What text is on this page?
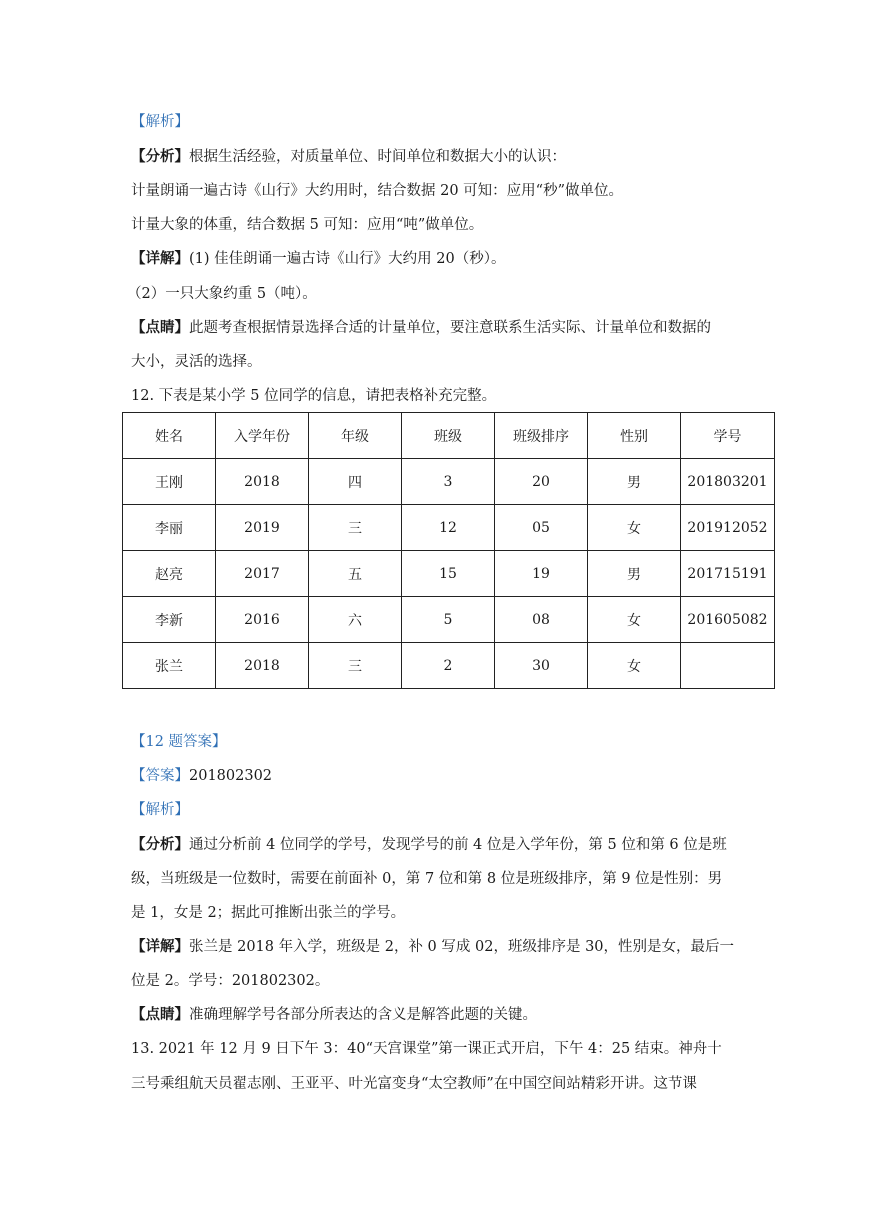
【解析】
【分析】根据生活经验，对质量单位、时间单位和数据大小的认识：
计量朗诵一遍古诗《山行》大约用时，结合数据 20 可知：应用“秒”做单位。
计量大象的体重，结合数据 5 可知：应用“吨”做单位。
【详解】(1) 佳佳朗诵一遍古诗《山行》大约用 20（秒）。
（2）一只大象约重 5（吨）。
【点睛】此题考查根据情景选择合适的计量单位，要注意联系生活实际、计量单位和数据的
大小，灵活的选择。
12. 下表是某小学 5 位同学的信息，请把表格补充完整。
姓名	入学年份	年级	班级	班级排序	性别	学号
王刚	2018	四	3	20	男	201803201
李丽	2019	三	12	05	女	201912052
赵亮	2017	五	15	19	男	201715191
李新	2016	六	5	08	女	201605082
张兰	2018	三	2	30	女	
【12 题答案】
【答案】201802302
【解析】
【分析】通过分析前 4 位同学的学号，发现学号的前 4 位是入学年份，第 5 位和第 6 位是班
级，当班级是一位数时，需要在前面补 0，第 7 位和第 8 位是班级排序，第 9 位是性别：男
是 1，女是 2；据此可推断出张兰的学号。
【详解】张兰是 2018 年入学，班级是 2，补 0 写成 02，班级排序是 30，性别是女，最后一
位是 2。学号：201802302。
【点睛】准确理解学号各部分所表达的含义是解答此题的关键。
13. 2021 年 12 月 9 日下午 3：40“天宫课堂”第一课正式开启，下午 4：25 结束。神舟十
三号乘组航天员翟志刚、王亚平、叶光富变身“太空教师”在中国空间站精彩开讲。这节课
